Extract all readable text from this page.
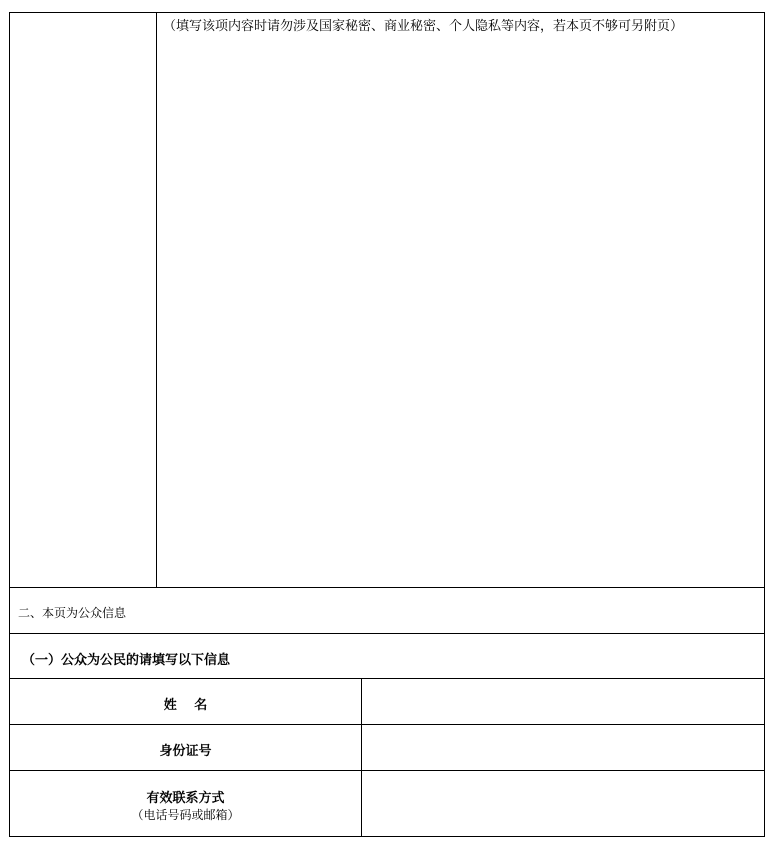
（填写该项内容时请勿涉及国家秘密、商业秘密、个人隐私等内容，若本页不够可另附页）
二、本页为公众信息
（一）公众为公民的请填写以下信息
姓　 名
身份证号
有效联系方式
（电话号码或邮箱）
